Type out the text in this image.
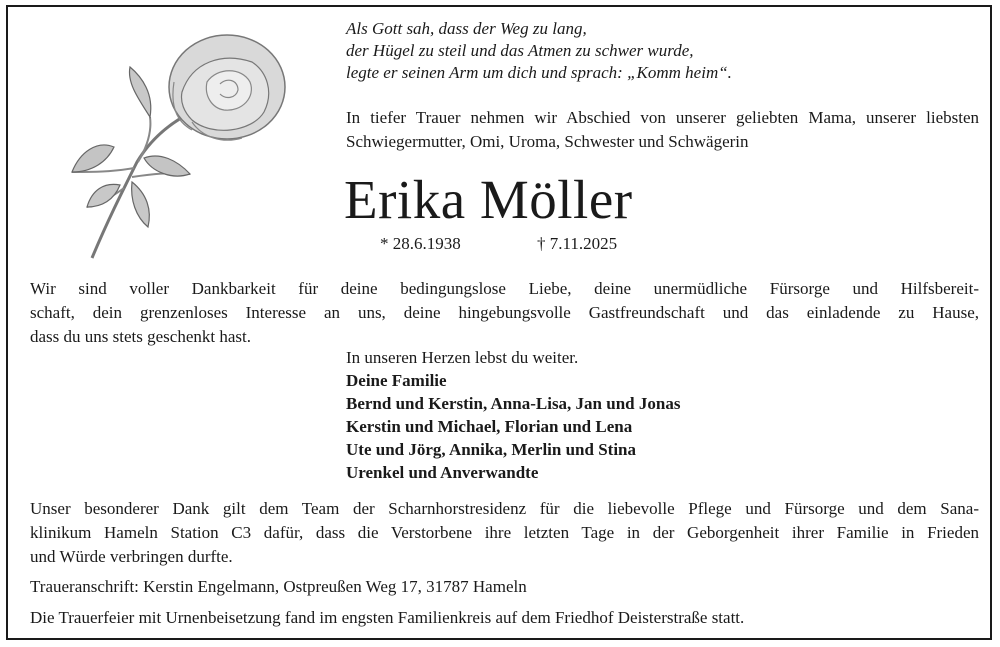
Als Gott sah, dass der Weg zu lang,
der Hügel zu steil und das Atmen zu schwer wurde,
legte er seinen Arm um dich und sprach: „Komm heim“.
In tiefer Trauer nehmen wir Abschied von unserer geliebten Mama, unserer liebsten Schwiegermutter, Omi, Uroma, Schwester und Schwägerin
Erika Möller
* 28.6.1938	† 7.11.2025
Wir sind voller Dankbarkeit für deine bedingungslose Liebe, deine unermüdliche Fürsorge und Hilfsbereit-
schaft, dein grenzenloses Interesse an uns, deine hingebungsvolle Gastfreundschaft und das einladende zu Hause,
dass du uns stets geschenkt hast.
In unseren Herzen lebst du weiter.
Deine Familie
Bernd und Kerstin, Anna-Lisa, Jan und Jonas
Kerstin und Michael, Florian und Lena
Ute und Jörg, Annika, Merlin und Stina
Urenkel und Anverwandte
Unser besonderer Dank gilt dem Team der Scharnhorstresidenz für die liebevolle Pflege und Fürsorge und dem Sana-
klinikum Hameln Station C3 dafür, dass die Verstorbene ihre letzten Tage in der Geborgenheit ihrer Familie in Frieden
und Würde verbringen durfte.
Traueranschrift: Kerstin Engelmann, Ostpreußen Weg 17, 31787 Hameln
Die Trauerfeier mit Urnenbeisetzung fand im engsten Familienkreis auf dem Friedhof Deisterstraße statt.
